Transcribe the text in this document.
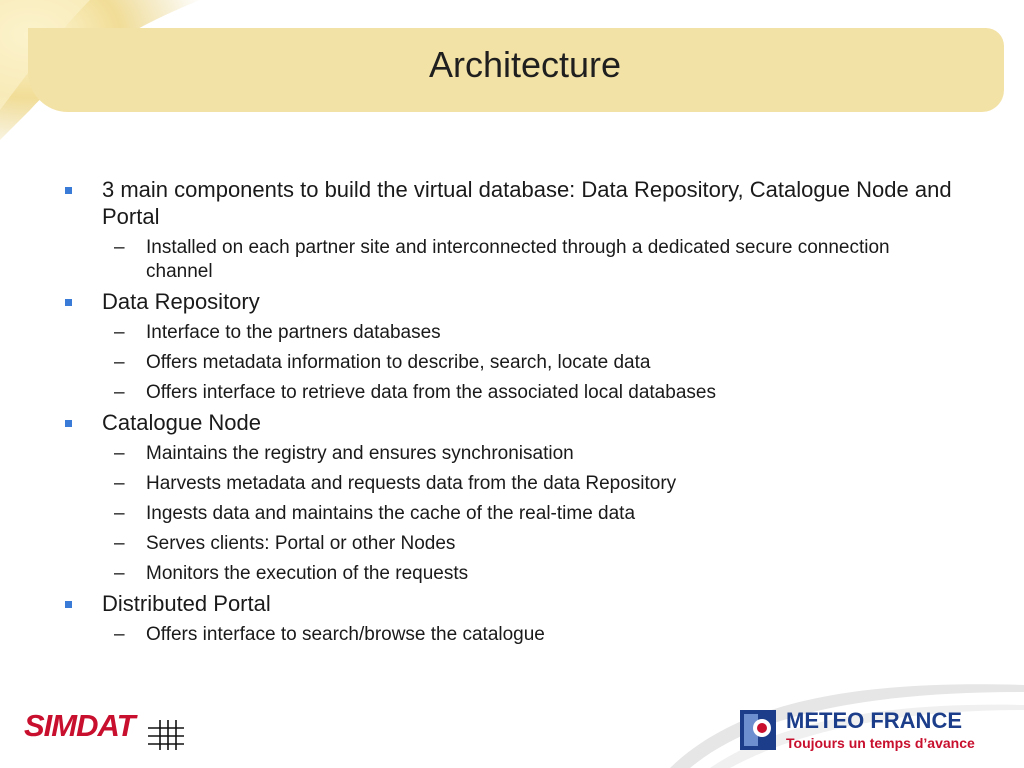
Architecture
3 main components to build the virtual database: Data Repository, Catalogue Node and Portal
– Installed on each partner site and interconnected through a dedicated secure connection channel
Data Repository
– Interface to the partners databases
– Offers metadata information to describe, search, locate data
– Offers interface to retrieve data from the associated local databases
Catalogue Node
– Maintains the registry and ensures synchronisation
– Harvests metadata and requests data from the data Repository
– Ingests data and maintains the cache of the real-time data
– Serves clients: Portal or other Nodes
– Monitors the execution of the requests
Distributed Portal
– Offers interface to search/browse the catalogue
SIMDAT	METEO FRANCE
Toujours un temps d’avance
